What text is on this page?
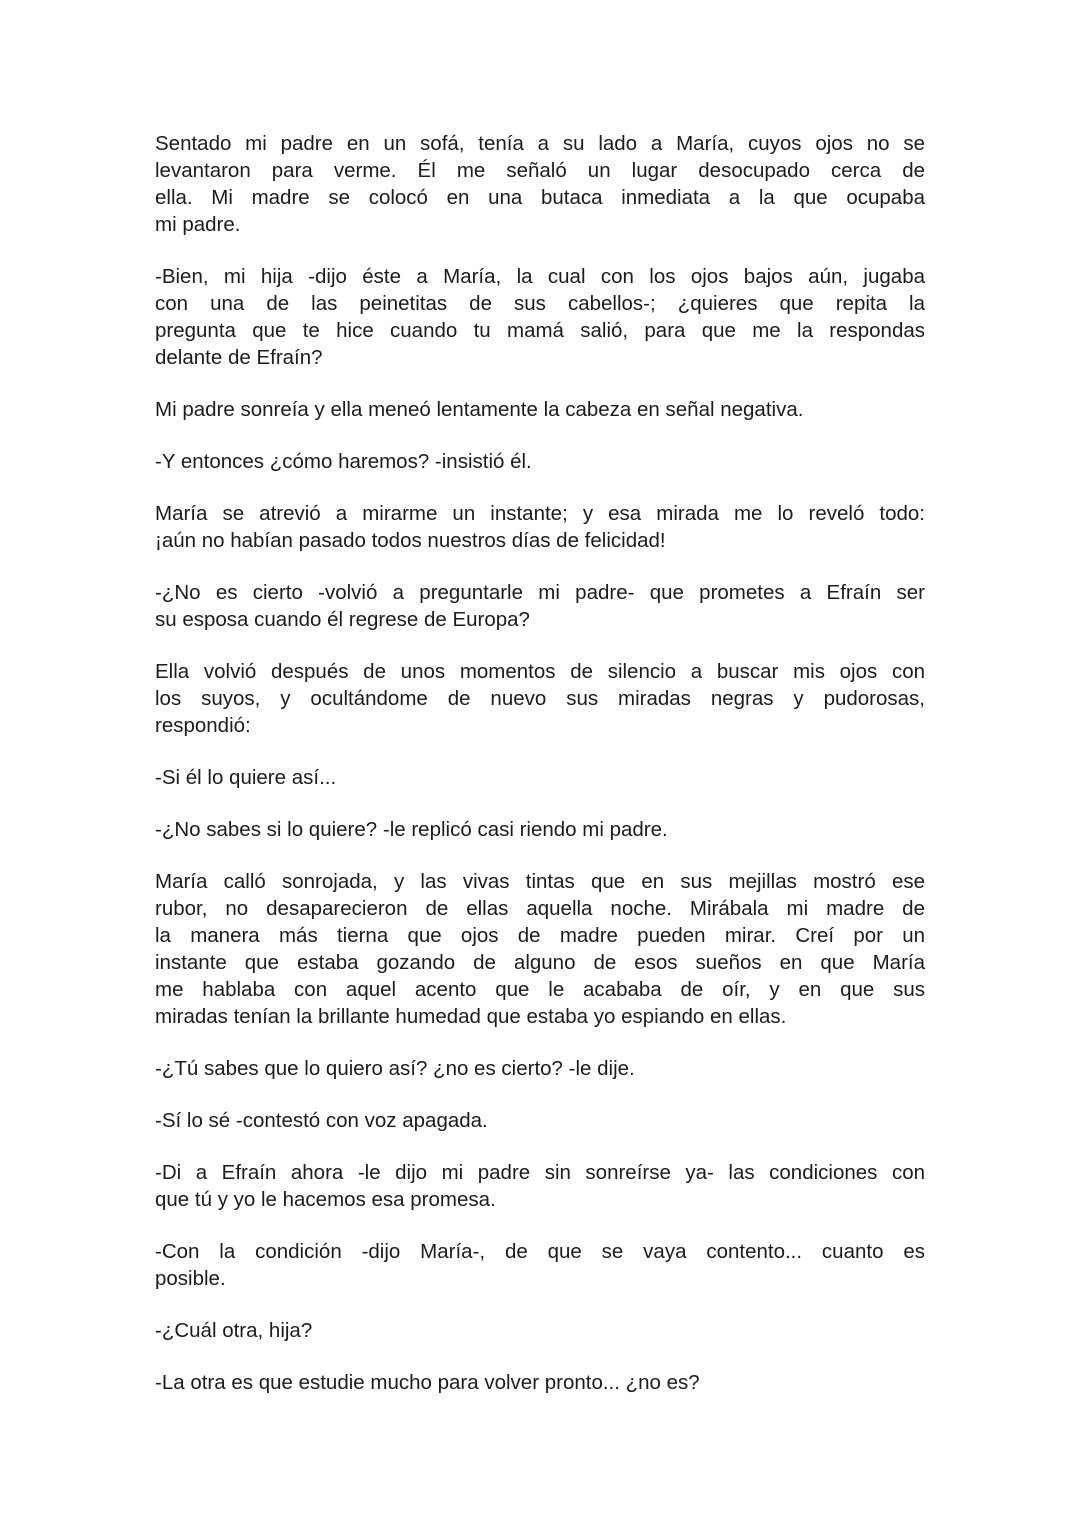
Sentado mi padre en un sofá, tenía a su lado a María, cuyos ojos no se
levantaron para verme. Él me señaló un lugar desocupado cerca de
ella. Mi madre se colocó en una butaca inmediata a la que ocupaba
mi padre.

-Bien, mi hija -dijo éste a María, la cual con los ojos bajos aún, jugaba
con una de las peinetitas de sus cabellos-; ¿quieres que repita la
pregunta que te hice cuando tu mamá salió, para que me la respondas
delante de Efraín?

Mi padre sonreía y ella meneó lentamente la cabeza en señal negativa.

-Y entonces ¿cómo haremos? -insistió él.

María se atrevió a mirarme un instante; y esa mirada me lo reveló todo:
¡aún no habían pasado todos nuestros días de felicidad!

-¿No es cierto -volvió a preguntarle mi padre- que prometes a Efraín ser
su esposa cuando él regrese de Europa?

Ella volvió después de unos momentos de silencio a buscar mis ojos con
los suyos, y ocultándome de nuevo sus miradas negras y pudorosas,
respondió:

-Si él lo quiere así...

-¿No sabes si lo quiere? -le replicó casi riendo mi padre.

María calló sonrojada, y las vivas tintas que en sus mejillas mostró ese
rubor, no desaparecieron de ellas aquella noche. Mirábala mi madre de
la manera más tierna que ojos de madre pueden mirar. Creí por un
instante que estaba gozando de alguno de esos sueños en que María
me hablaba con aquel acento que le acababa de oír, y en que sus
miradas tenían la brillante humedad que estaba yo espiando en ellas.

-¿Tú sabes que lo quiero así? ¿no es cierto? -le dije.

-Sí lo sé -contestó con voz apagada.

-Di a Efraín ahora -le dijo mi padre sin sonreírse ya- las condiciones con
que tú y yo le hacemos esa promesa.

-Con la condición -dijo María-, de que se vaya contento... cuanto es
posible.

-¿Cuál otra, hija?

-La otra es que estudie mucho para volver pronto... ¿no es?
